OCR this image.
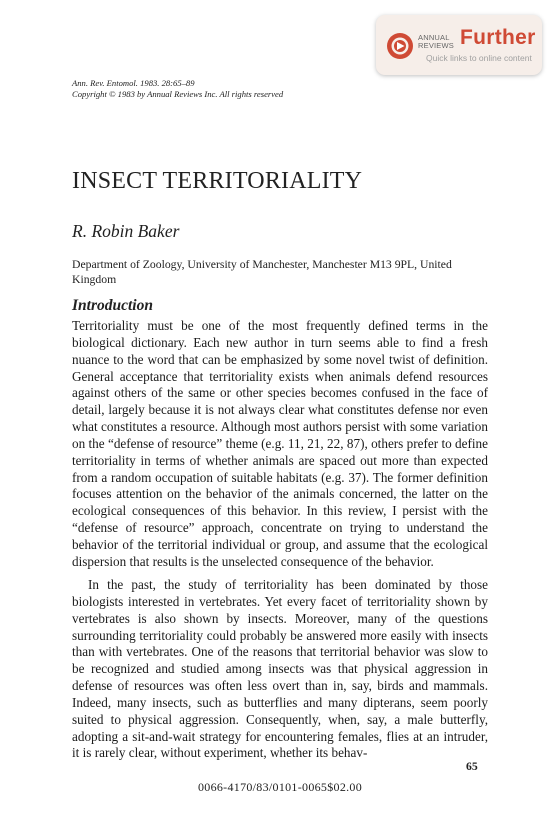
ANNUAL REVIEWS Further
Quick links to online content
Ann. Rev. Entomol. 1983. 28:65–89
Copyright © 1983 by Annual Reviews Inc. All rights reserved
INSECT TERRITORIALITY
R. Robin Baker
Department of Zoology, University of Manchester, Manchester M13 9PL, United Kingdom
Introduction

Territoriality must be one of the most frequently defined terms in the biological dictionary. Each new author in turn seems able to find a fresh nuance to the word that can be emphasized by some novel twist of definition. General acceptance that territoriality exists when animals defend resources against others of the same or other species becomes confused in the face of detail, largely because it is not always clear what constitutes defense nor even what constitutes a resource. Although most authors persist with some variation on the “defense of resource” theme (e.g. 11, 21, 22, 87), others prefer to define territoriality in terms of whether animals are spaced out more than expected from a random occupation of suitable habitats (e.g. 37). The former definition focuses attention on the behavior of the animals concerned, the latter on the ecological consequences of this behavior. In this review, I persist with the “defense of resource” approach, concentrate on trying to understand the behavior of the territorial individual or group, and assume that the ecological dispersion that results is the unselected consequence of the behavior.

In the past, the study of territoriality has been dominated by those biologists interested in vertebrates. Yet every facet of territoriality shown by vertebrates is also shown by insects. Moreover, many of the questions surrounding territoriality could probably be answered more easily with insects than with vertebrates. One of the reasons that territorial behavior was slow to be recognized and studied among insects was that physical aggression in defense of resources was often less overt than in, say, birds and mammals. Indeed, many insects, such as butterflies and many dipterans, seem poorly suited to physical aggression. Consequently, when, say, a male butterfly, adopting a sit-and-wait strategy for encountering females, flies at an intruder, it is rarely clear, without experiment, whether its behav-

65
0066-4170/83/0101-0065$02.00
